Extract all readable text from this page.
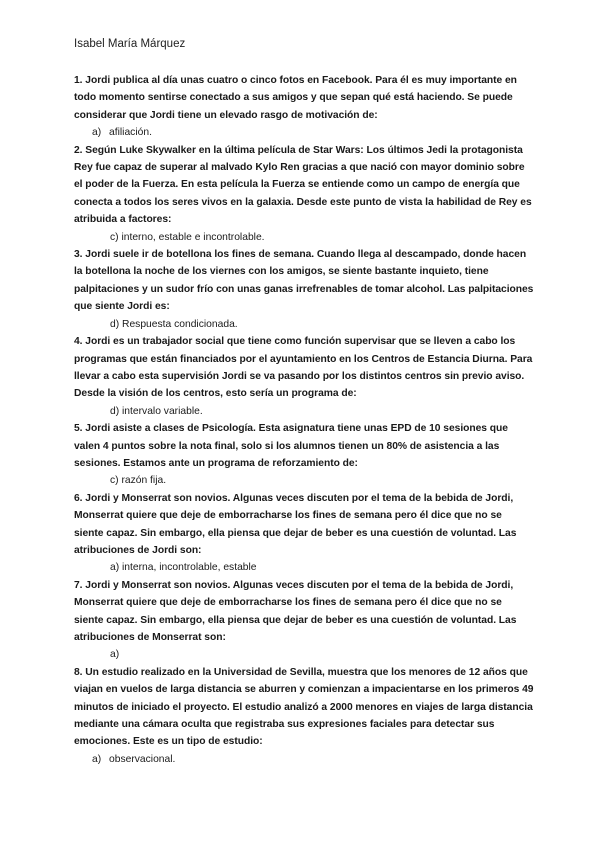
Isabel María Márquez

1. Jordi publica al día unas cuatro o cinco fotos en Facebook. Para él es muy importante en todo momento sentirse conectado a sus amigos y que sepan qué está haciendo. Se puede considerar que Jordi tiene un elevado rasgo de motivación de:

a) afiliación.

2. Según Luke Skywalker en la última película de Star Wars: Los últimos Jedi la protagonista Rey fue capaz de superar al malvado Kylo Ren gracias a que nació con mayor dominio sobre el poder de la Fuerza. En esta película la Fuerza se entiende como un campo de energía que conecta a todos los seres vivos en la galaxia. Desde este punto de vista la habilidad de Rey es atribuida a factores:

c) interno, estable e incontrolable.

3. Jordi suele ir de botellona los fines de semana. Cuando llega al descampado, donde hacen la botellona la noche de los viernes con los amigos, se siente bastante inquieto, tiene palpitaciones y un sudor frío con unas ganas irrefrenables de tomar alcohol. Las palpitaciones que siente Jordi es:

d) Respuesta condicionada.

4. Jordi es un trabajador social que tiene como función supervisar que se lleven a cabo los programas que están financiados por el ayuntamiento en los Centros de Estancia Diurna. Para llevar a cabo esta supervisión Jordi se va pasando por los distintos centros sin previo aviso. Desde la visión de los centros, esto sería un programa de:

d) intervalo variable.

5. Jordi asiste a clases de Psicología. Esta asignatura tiene unas EPD de 10 sesiones que valen 4 puntos sobre la nota final, solo si los alumnos tienen un 80% de asistencia a las sesiones. Estamos ante un programa de reforzamiento de:

c) razón fija.

6. Jordi y Monserrat son novios. Algunas veces discuten por el tema de la bebida de Jordi, Monserrat quiere que deje de emborracharse los fines de semana pero él dice que no se siente capaz. Sin embargo, ella piensa que dejar de beber es una cuestión de voluntad. Las atribuciones de Jordi son:

a) interna, incontrolable, estable

7. Jordi y Monserrat son novios. Algunas veces discuten por el tema de la bebida de Jordi, Monserrat quiere que deje de emborracharse los fines de semana pero él dice que no se siente capaz. Sin embargo, ella piensa que dejar de beber es una cuestión de voluntad. Las atribuciones de Monserrat son:

a)

8. Un estudio realizado en la Universidad de Sevilla, muestra que los menores de 12 años que viajan en vuelos de larga distancia se aburren y comienzan a impacientarse en los primeros 49 minutos de iniciado el proyecto. El estudio analizó a 2000 menores en viajes de larga distancia mediante una cámara oculta que registraba sus expresiones faciales para detectar sus emociones. Este es un tipo de estudio:

a) observacional.
